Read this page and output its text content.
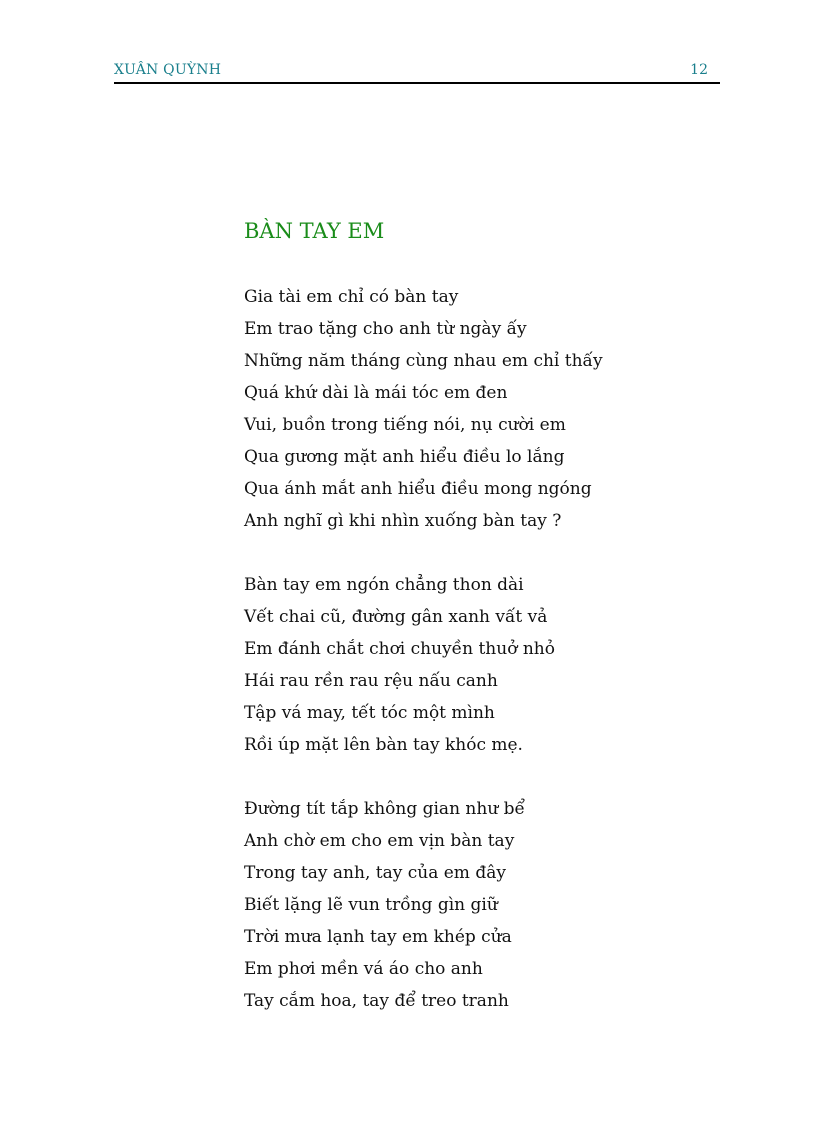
XUÂN QUỲNH	12
BÀN TAY EM
Gia tài em chỉ có bàn tay
Em trao tặng cho anh từ ngày ấy
Những năm tháng cùng nhau em chỉ thấy
Quá khứ dài là mái tóc em đen
Vui, buồn trong tiếng nói, nụ cười em
Qua gương mặt anh hiểu điều lo lắng
Qua ánh mắt anh hiểu điều mong ngóng
Anh nghĩ gì khi nhìn xuống bàn tay ?
Bàn tay em ngón chẳng thon dài
Vết chai cũ, đường gân xanh vất vả
Em đánh chắt chơi chuyền thuở nhỏ
Hái rau rền rau rệu nấu canh
Tập vá may, tết tóc một mình
Rồi úp mặt lên bàn tay khóc mẹ.
Đường tít tắp không gian như bể
Anh chờ em cho em vịn bàn tay
Trong tay anh, tay của em đây
Biết lặng lẽ vun trồng gìn giữ
Trời mưa lạnh tay em khép cửa
Em phơi mền vá áo cho anh
Tay cắm hoa, tay để treo tranh
